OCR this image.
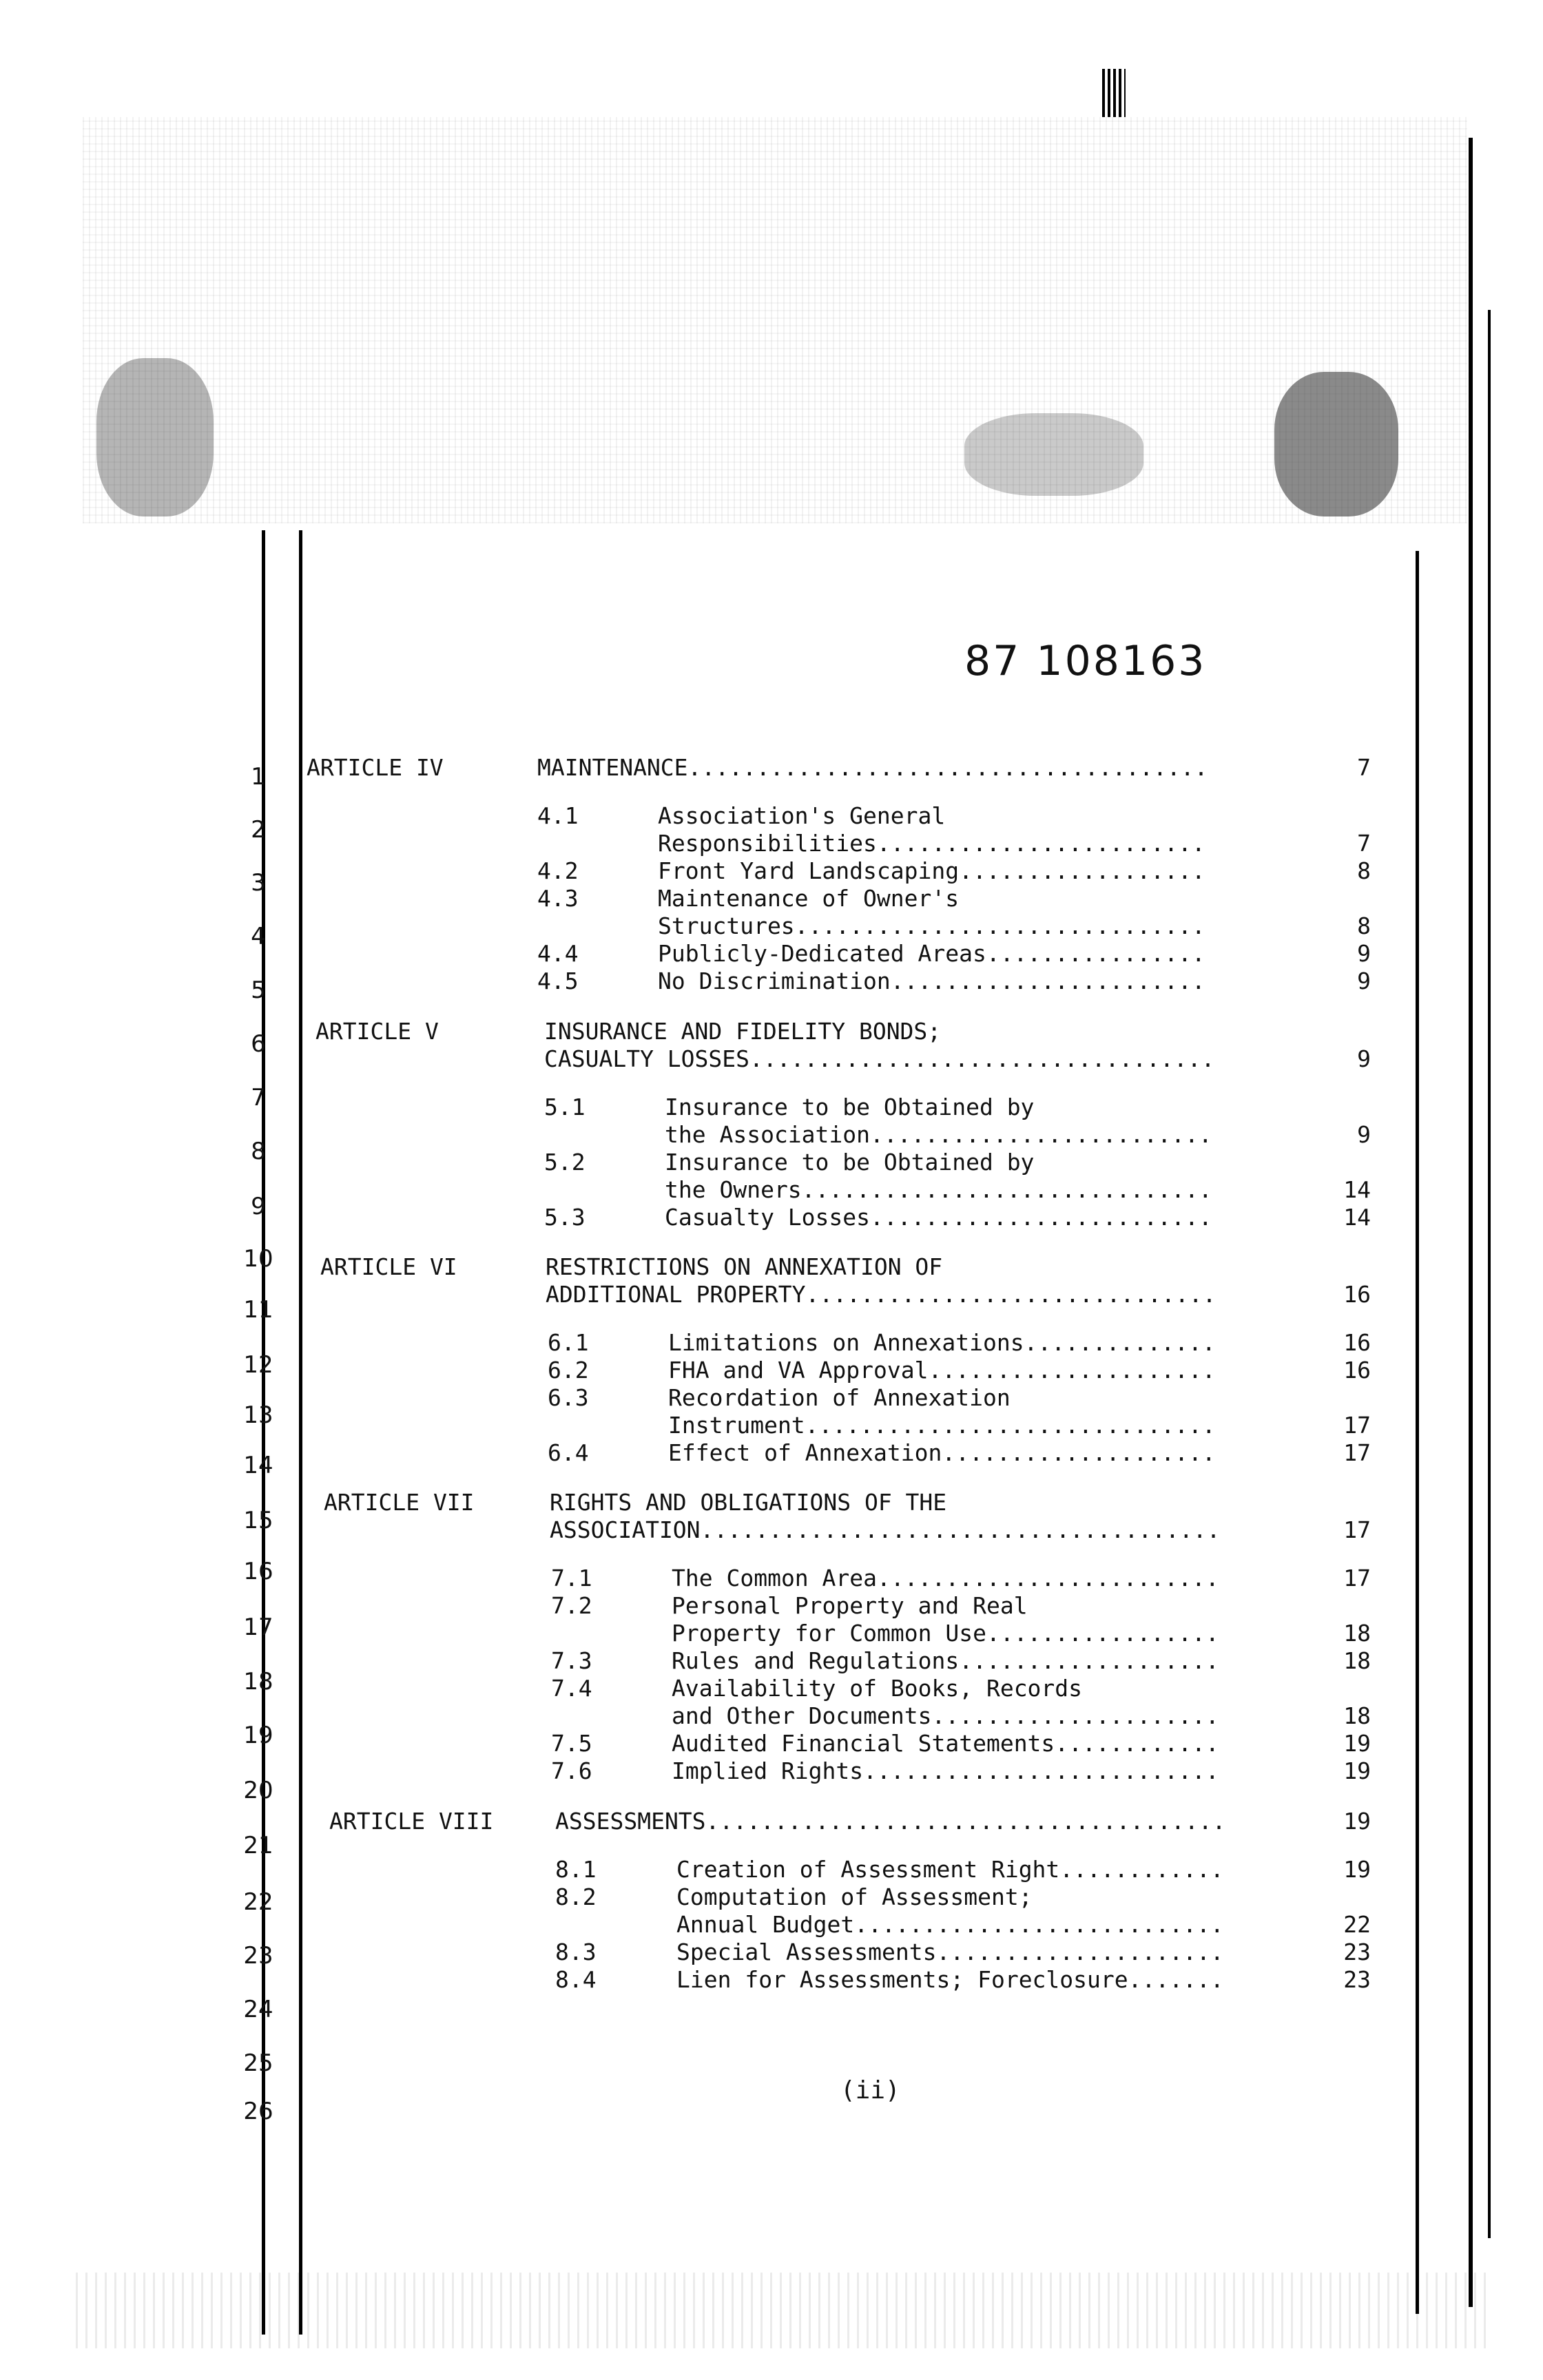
87 108163
1
2
3
4
5
6
7
8
9
10
11
12
13
14
15
16
17
18
19
20
21
22
23
24
25
26
ARTICLE IV	MAINTENANCE......................................	7
4.1	Association's General
Responsibilities........................	7
4.2	Front Yard Landscaping..................	8
4.3	Maintenance of Owner's
Structures..............................	8
4.4	Publicly-Dedicated Areas................	9
4.5	No Discrimination.......................	9
ARTICLE V	INSURANCE AND FIDELITY BONDS;
CASUALTY LOSSES..................................	9
5.1	Insurance to be Obtained by
the Association.........................	9
5.2	Insurance to be Obtained by
the Owners..............................	14
5.3	Casualty Losses.........................	14
ARTICLE VI	RESTRICTIONS ON ANNEXATION OF
ADDITIONAL PROPERTY..............................	16
6.1	Limitations on Annexations..............	16
6.2	FHA and VA Approval.....................	16
6.3	Recordation of Annexation
Instrument..............................	17
6.4	Effect of Annexation....................	17
ARTICLE VII	RIGHTS AND OBLIGATIONS OF THE
ASSOCIATION......................................	17
7.1	The Common Area.........................	17
7.2	Personal Property and Real
Property for Common Use.................	18
7.3	Rules and Regulations...................	18
7.4	Availability of Books, Records
and Other Documents.....................	18
7.5	Audited Financial Statements............	19
7.6	Implied Rights..........................	19
ARTICLE VIII	ASSESSMENTS......................................	19
8.1	Creation of Assessment Right............	19
8.2	Computation of Assessment;
Annual Budget...........................	22
8.3	Special Assessments.....................	23
8.4	Lien for Assessments; Foreclosure.......	23
(ii)
